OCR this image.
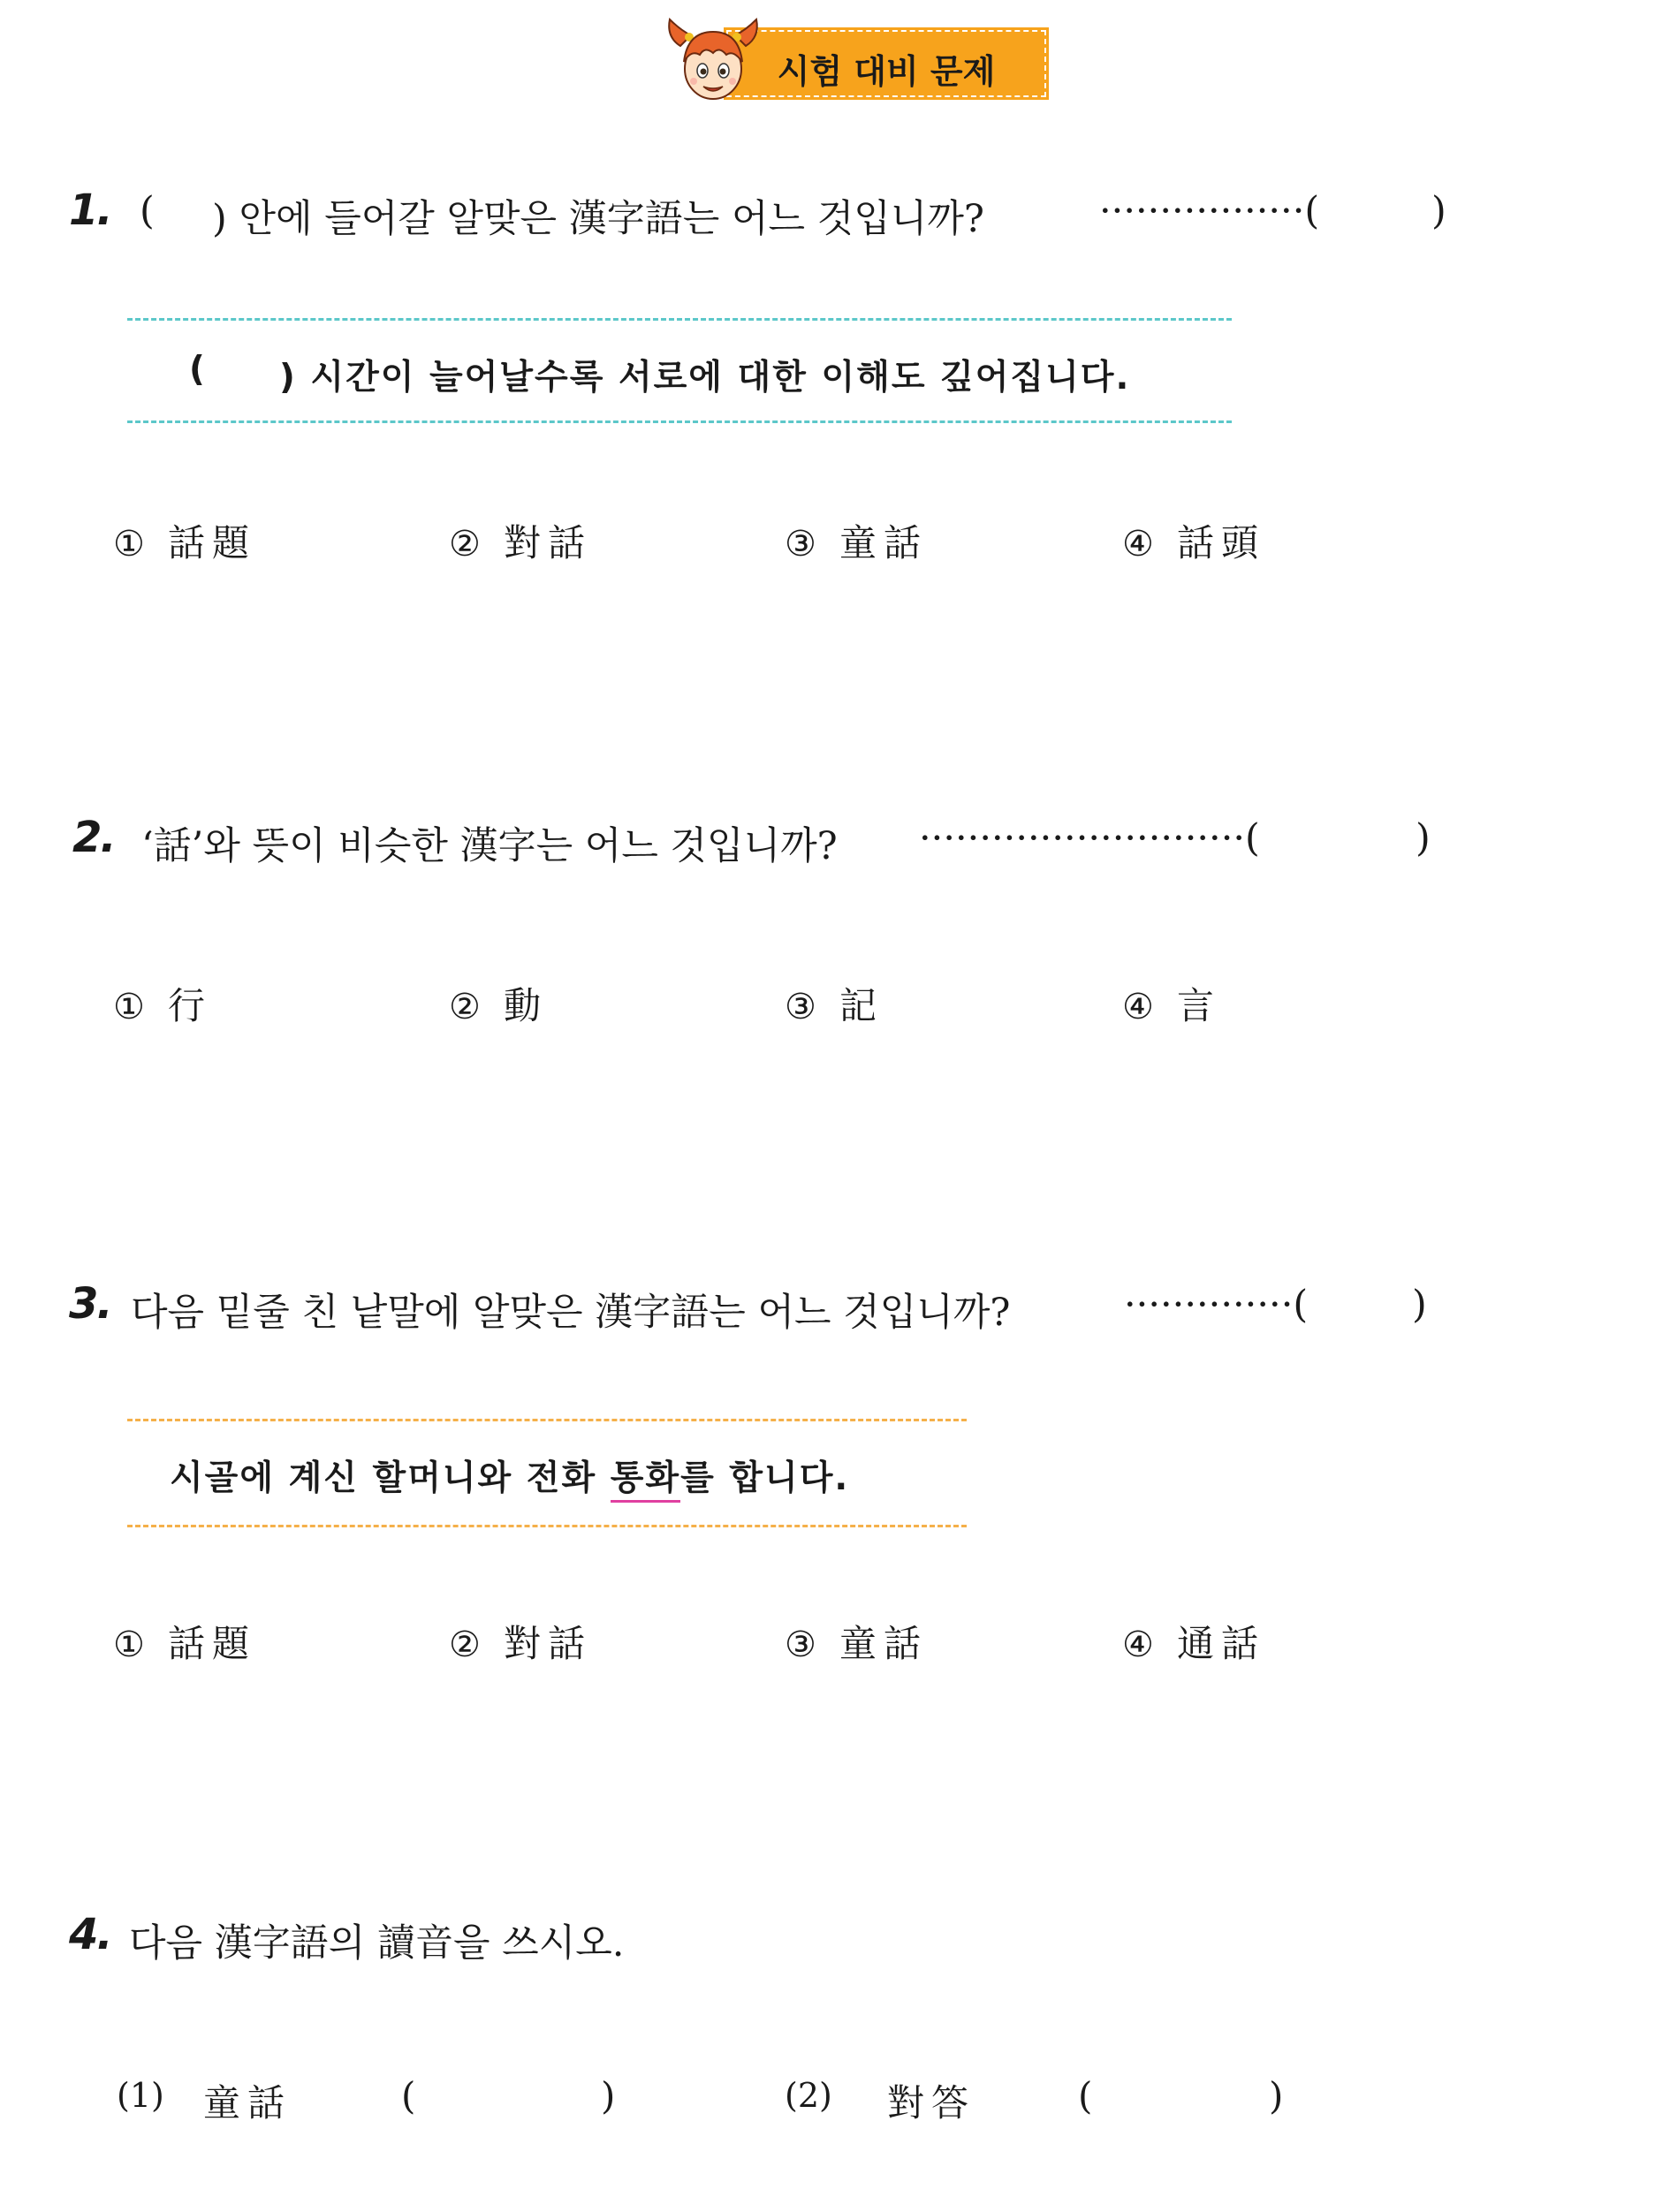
시험 대비 문제
1. ( ) 안에 들어갈 알맞은 漢字語는 어느 것입니까?	·················(	)
( ) 시간이 늘어날수록 서로에 대한 이해도 깊어집니다.
① 話題	② 對話	③ 童話	④ 話頭
2. ‘話’와 뜻이 비슷한 漢字는 어느 것입니까? ···························(	)
① 行	② 動	③ 記	④ 言
3. 다음 밑줄 친 낱말에 알맞은 漢字語는 어느 것입니까?	··············(	)
시골에 계신 할머니와 전화 통화를 합니다.
① 話題	② 對話	③ 童話	④ 通話
4. 다음 漢字語의 讀音을 쓰시오.
(1) 童話	(	)	(2) 對答	(	)
